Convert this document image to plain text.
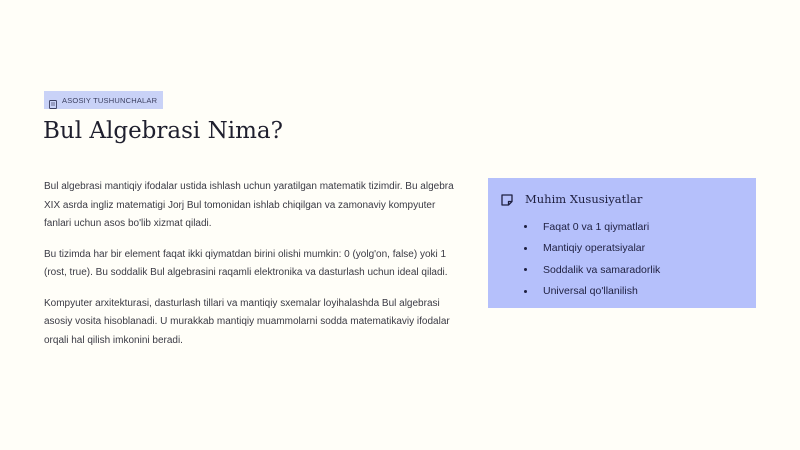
ASOSIY TUSHUNCHALAR
Bul Algebrasi Nima?

Bul algebrasi mantiqiy ifodalar ustida ishlash uchun yaratilgan matematik tizimdir. Bu algebra XIX asrda ingliz matematigi Jorj Bul tomonidan ishlab chiqilgan va zamonaviy kompyuter fanlari uchun asos bo'lib xizmat qiladi.

Bu tizimda har bir element faqat ikki qiymatdan birini olishi mumkin: 0 (yolg'on, false) yoki 1 (rost, true). Bu soddalik Bul algebrasini raqamli elektronika va dasturlash uchun ideal qiladi.

Kompyuter arxitekturasi, dasturlash tillari va mantiqiy sxemalar loyihalashda Bul algebrasi asosiy vosita hisoblanadi. U murakkab mantiqiy muammolarni sodda matematikaviy ifodalar orqali hal qilish imkonini beradi.

Muhim Xususiyatlar
Faqat 0 va 1 qiymatlari
Mantiqiy operatsiyalar
Soddalik va samaradorlik
Universal qo'llanilish
